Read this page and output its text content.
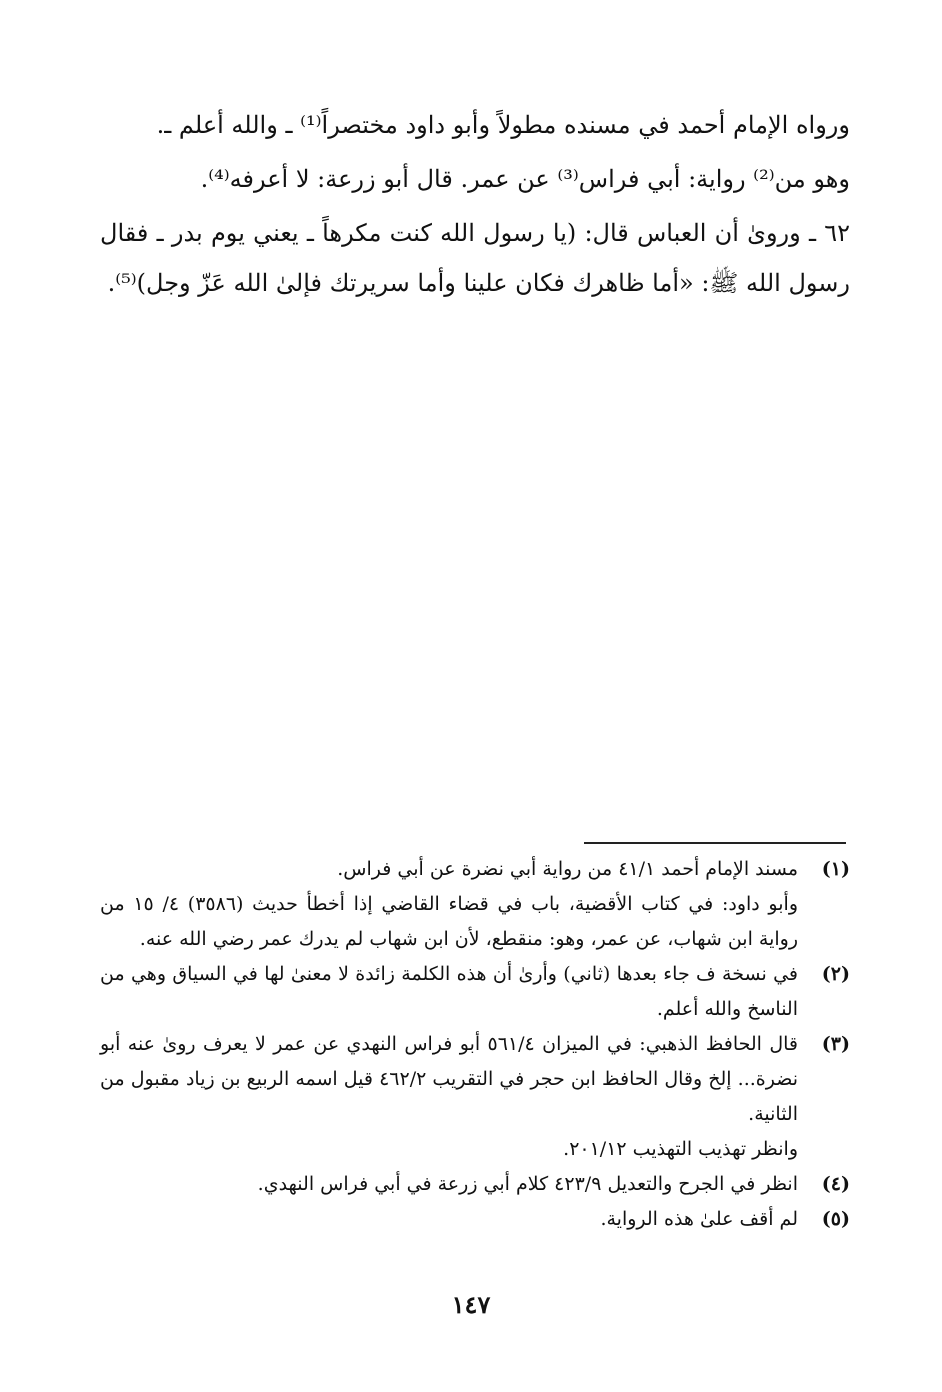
ورواه الإمام أحمد في مسنده مطولاً وأبو داود مختصراً⁽¹⁾ ـ والله أعلم ـ.

وهو من⁽²⁾ رواية: أبي فراس⁽³⁾ عن عمر. قال أبو زرعة: لا أعرفه⁽⁴⁾.

٦٢ ـ وروىٰ أن العباس قال: (يا رسول الله كنت مكرهاً ـ يعني يوم بدر ـ فقال رسول الله ﷺ: «أما ظاهرك فكان علينا وأما سريرتك فإلىٰ الله عَزّ وجل)⁽⁵⁾.

(١)
مسند الإمام أحمد ٤١/١ من رواية أبي نضرة عن أبي فراس.
وأبو داود: في كتاب الأقضية، باب في قضاء القاضي إذا أخطأ حديث (٣٥٨٦) ٤/ ١٥ من رواية ابن شهاب، عن عمر، وهو: منقطع، لأن ابن شهاب لم يدرك عمر رضي الله عنه.
(٢)
في نسخة ف جاء بعدها (ثاني) وأرىٰ أن هذه الكلمة زائدة لا معنىٰ لها في السياق وهي من الناسخ والله أعلم.
(٣)
قال الحافظ الذهبي: في الميزان ٥٦١/٤ أبو فراس النهدي عن عمر لا يعرف روىٰ عنه أبو نضرة... إلخ وقال الحافظ ابن حجر في التقريب ٤٦٢/٢ قيل اسمه الربيع بن زياد مقبول من الثانية.
وانظر تهذيب التهذيب ٢٠١/١٢.
(٤)
انظر في الجرح والتعديل ٤٢٣/٩ كلام أبي زرعة في أبي فراس النهدي.
(٥)
لم أقف علىٰ هذه الرواية.
١٤٧
